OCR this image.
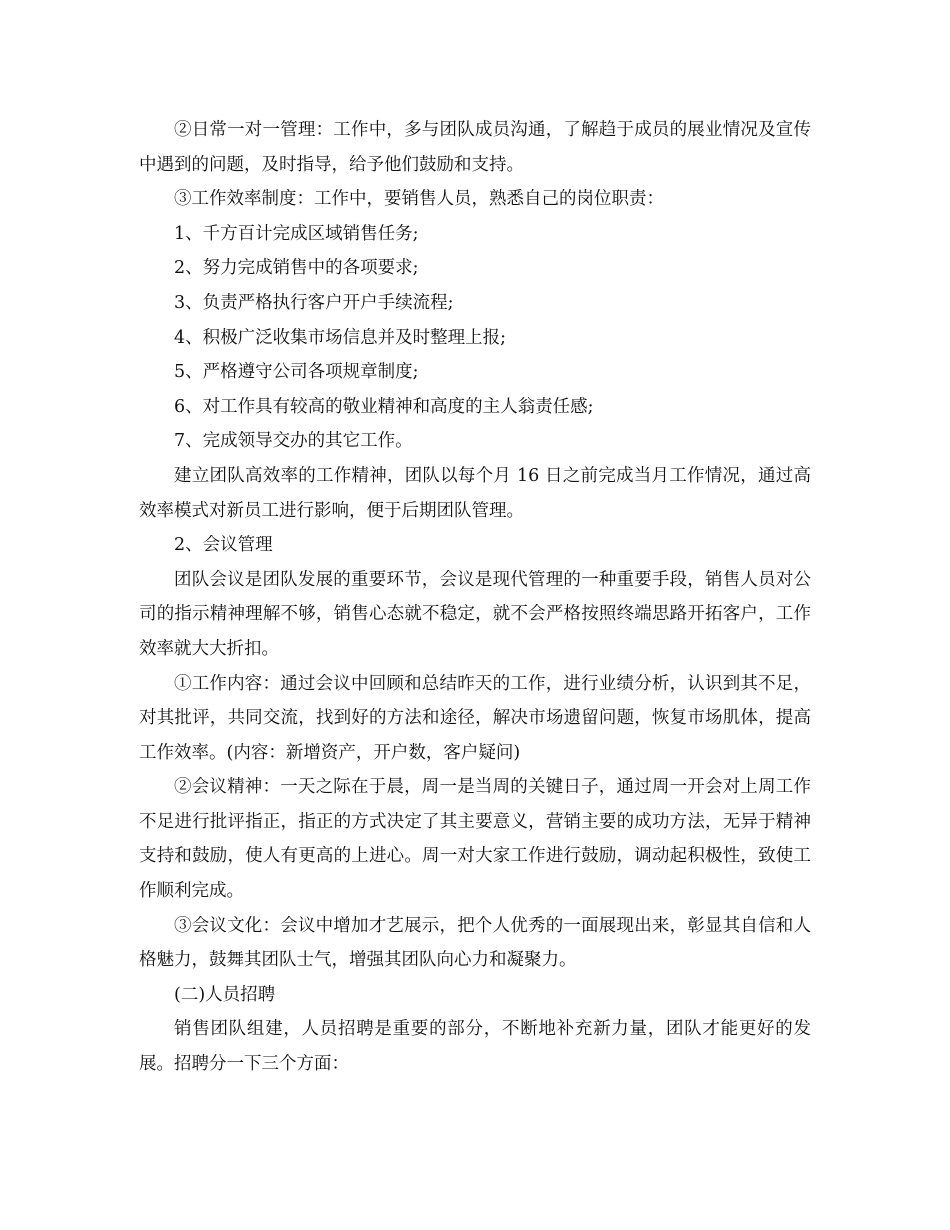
②日常一对一管理：工作中，多与团队成员沟通，了解趋于成员的展业情况及宣传中遇到的问题，及时指导，给予他们鼓励和支持。

③工作效率制度：工作中，要销售人员，熟悉自己的岗位职责：

1、千方百计完成区域销售任务;

2、努力完成销售中的各项要求;

3、负责严格执行客户开户手续流程;

4、积极广泛收集市场信息并及时整理上报;

5、严格遵守公司各项规章制度;

6、对工作具有较高的敬业精神和高度的主人翁责任感;

7、完成领导交办的其它工作。

建立团队高效率的工作精神，团队以每个月 16 日之前完成当月工作情况，通过高效率模式对新员工进行影响，便于后期团队管理。

2、会议管理

团队会议是团队发展的重要环节，会议是现代管理的一种重要手段，销售人员对公司的指示精神理解不够，销售心态就不稳定，就不会严格按照终端思路开拓客户，工作效率就大大折扣。

①工作内容：通过会议中回顾和总结昨天的工作，进行业绩分析，认识到其不足，对其批评，共同交流，找到好的方法和途径，解决市场遗留问题，恢复市场肌体，提高工作效率。(内容：新增资产，开户数，客户疑问)

②会议精神：一天之际在于晨，周一是当周的关键日子，通过周一开会对上周工作不足进行批评指正，指正的方式决定了其主要意义，营销主要的成功方法，无异于精神支持和鼓励，使人有更高的上进心。周一对大家工作进行鼓励，调动起积极性，致使工作顺利完成。

③会议文化：会议中增加才艺展示，把个人优秀的一面展现出来，彰显其自信和人格魅力，鼓舞其团队士气，增强其团队向心力和凝聚力。

(二)人员招聘

销售团队组建，人员招聘是重要的部分，不断地补充新力量，团队才能更好的发展。招聘分一下三个方面：
